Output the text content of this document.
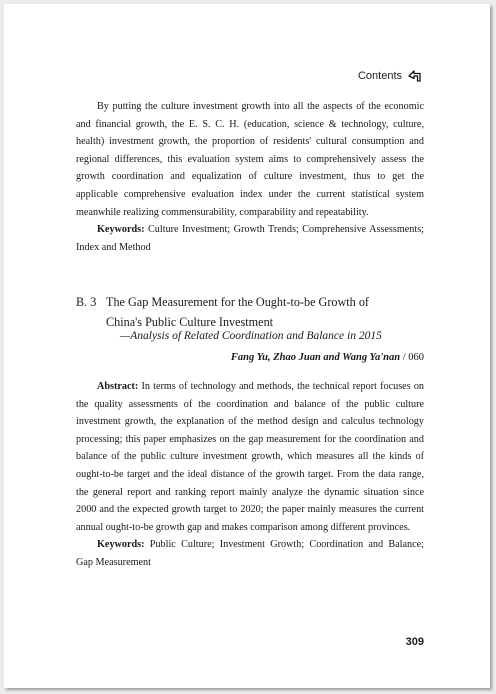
Contents

By putting the culture investment growth into all the aspects of the economic and financial growth, the E. S. C. H. (education, science & technology, culture, health) investment growth, the proportion of residents' cultural consumption and regional differences, this evaluation system aims to comprehensively assess the growth coordination and equalization of culture investment, thus to get the applicable comprehensive evaluation index under the current statistical system meanwhile realizing commensurability, comparability and repeatability.

Keywords: Culture Investment; Growth Trends; Comprehensive Assessments; Index and Method

B. 3 The Gap Measurement for the Ought-to-be Growth of
China's Public Culture Investment
—Analysis of Related Coordination and Balance in 2015
Fang Yu, Zhao Juan and Wang Ya'nan / 060

Abstract: In terms of technology and methods, the technical report focuses on the quality assessments of the coordination and balance of the public culture investment growth, the explanation of the method design and calculus technology processing; this paper emphasizes on the gap measurement for the coordination and balance of the public culture investment growth, which measures all the kinds of ought-to-be target and the ideal distance of the growth target. From the data range, the general report and ranking report mainly analyze the dynamic situation since 2000 and the expected growth target to 2020; the paper mainly measures the current annual ought-to-be growth gap and makes comparison among different provinces.

Keywords: Public Culture; Investment Growth; Coordination and Balance; Gap Measurement

309
